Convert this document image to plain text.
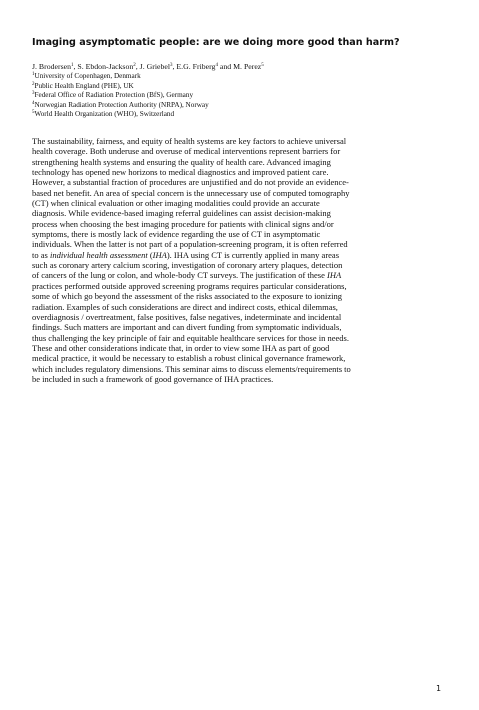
Imaging asymptomatic people: are we doing more good than harm?
J. Brodersen$^1$, S. Ebdon-Jackson$^2$, J. Griebel$^3$, E.G. Friberg$^4$ and M. Perez$^5$
$^1$University of Copenhagen, Denmark
$^2$Public Health England (PHE), UK
$^3$Federal Office of Radiation Protection (BfS), Germany
$^4$Norwegian Radiation Protection Authority (NRPA), Norway
$^5$World Health Organization (WHO), Switzerland
The sustainability, fairness, and equity of health systems are key factors to achieve universal
health coverage. Both underuse and overuse of medical interventions represent barriers for
strengthening health systems and ensuring the quality of health care. Advanced imaging
technology has opened new horizons to medical diagnostics and improved patient care.
However, a substantial fraction of procedures are unjustified and do not provide an evidence-
based net benefit. An area of special concern is the unnecessary use of computed tomography
(CT) when clinical evaluation or other imaging modalities could provide an accurate
diagnosis. While evidence-based imaging referral guidelines can assist decision-making
process when choosing the best imaging procedure for patients with clinical signs and/or
symptoms, there is mostly lack of evidence regarding the use of CT in asymptomatic
individuals. When the latter is not part of a population-screening program, it is often referred
to as individual health assessment (IHA). IHA using CT is currently applied in many areas
such as coronary artery calcium scoring, investigation of coronary artery plaques, detection
of cancers of the lung or colon, and whole-body CT surveys. The justification of these IHA
practices performed outside approved screening programs requires particular considerations,
some of which go beyond the assessment of the risks associated to the exposure to ionizing
radiation. Examples of such considerations are direct and indirect costs, ethical dilemmas,
overdiagnosis / overtreatment, false positives, false negatives, indeterminate and incidental
findings. Such matters are important and can divert funding from symptomatic individuals,
thus challenging the key principle of fair and equitable healthcare services for those in needs.
These and other considerations indicate that, in order to view some IHA as part of good
medical practice, it would be necessary to establish a robust clinical governance framework,
which includes regulatory dimensions. This seminar aims to discuss elements/requirements to
be included in such a framework of good governance of IHA practices.
1
